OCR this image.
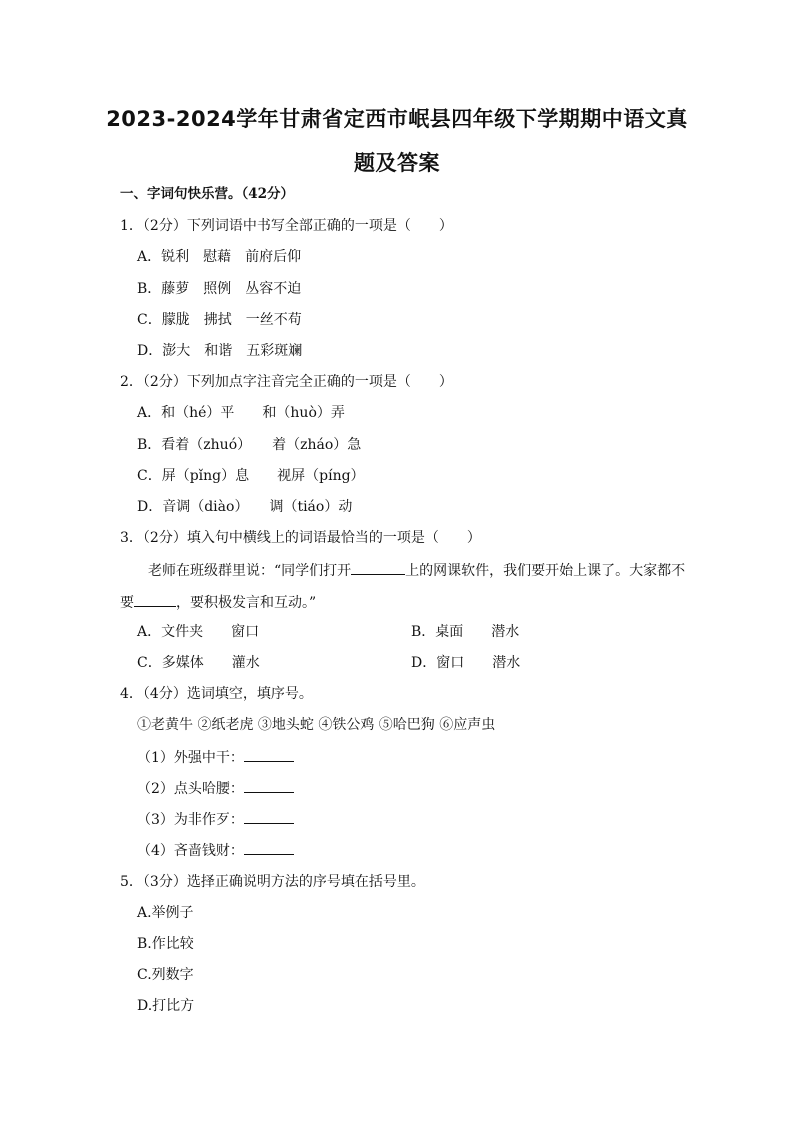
2023-2024学年甘肃省定西市岷县四年级下学期期中语文真
题及答案
一、字词句快乐营。（42分）
1．（2分）下列词语中书写全部正确的一项是（　　）
A．锐利　慰藉　前府后仰
B．藤萝　照例　丛容不迫
C．朦胧　拂拭　一丝不苟
D．澎大　和谐　五彩斑斓
2．（2分）下列加点字注音完全正确的一项是（　　）
A．和（hé）平　　和（huò）弄
B．看着（zhuó）　　着（zháo）急
C．屏（pǐng）息　　视屏（píng）
D．音调（diào）　　调（tiáo）动
3．（2分）填入句中横线上的词语最恰当的一项是（　　）
老师在班级群里说：“同学们打开	上的网课软件，我们要开始上课了。大家都不
要	，要积极发言和互动。”
A．文件夹　　窗口	B．桌面　　潜水
C．多媒体　　灌水	D．窗口　　潜水
4．（4分）选词填空，填序号。
①老黄牛 ②纸老虎 ③地头蛇 ④铁公鸡 ⑤哈巴狗 ⑥应声虫
（1）外强中干：
（2）点头哈腰：
（3）为非作歹：
（4）吝啬钱财：
5．（3分）选择正确说明方法的序号填在括号里。
A.举例子
B.作比较
C.列数字
D.打比方
